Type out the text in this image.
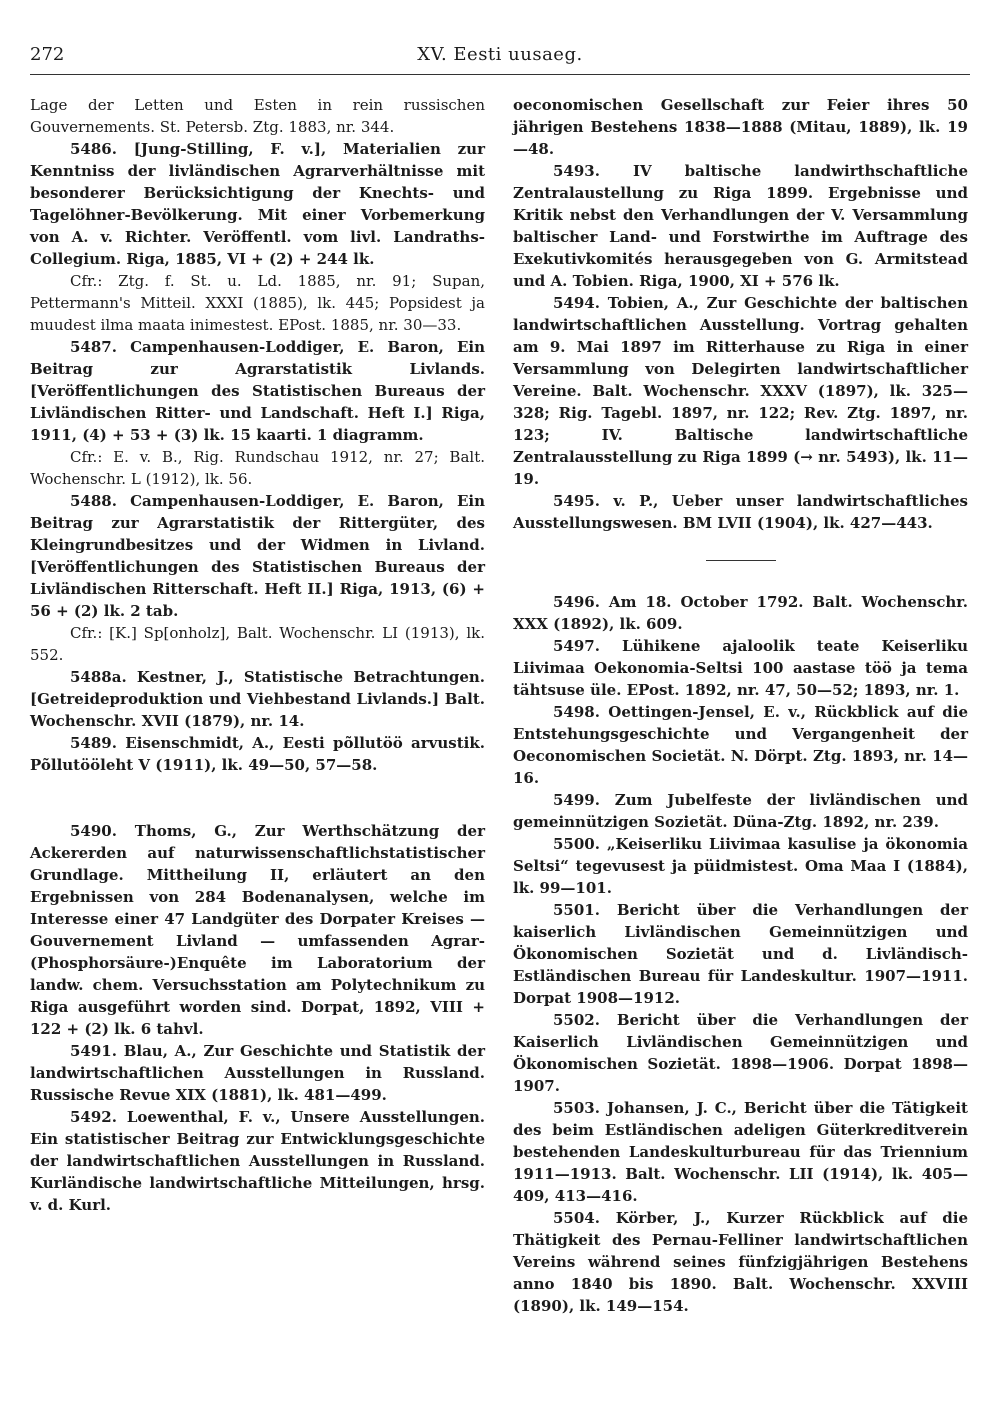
272	XV. Eesti uusaeg.

Lage der Letten und Esten in rein russischen Gouvernements. St. Petersb. Ztg. 1883, nr. 344.

5486. [Jung-Stilling, F. v.], Materialien zur Kenntniss der livländischen Agrarverhältnisse mit besonderer Berücksichtigung der Knechts- und Tagelöhner-Bevölkerung. Mit einer Vorbemerkung von A. v. Richter. Veröffentl. vom livl. Landraths-Collegium. Riga, 1885, VI + (2) + 244 lk.

Cfr.: Ztg. f. St. u. Ld. 1885, nr. 91; Supan, Pettermann's Mitteil. XXXI (1885), lk. 445; Popsidest ja muudest ilma maata inimestest. EPost. 1885, nr. 30—33.

5487. Campenhausen-Loddiger, E. Baron, Ein Beitrag zur Agrarstatistik Livlands. [Veröffentlichungen des Statistischen Bureaus der Livländischen Ritter- und Landschaft. Heft I.] Riga, 1911, (4) + 53 + (3) lk. 15 kaarti. 1 diagramm.

Cfr.: E. v. B., Rig. Rundschau 1912, nr. 27; Balt. Wochenschr. L (1912), lk. 56.

5488. Campenhausen-Loddiger, E. Baron, Ein Beitrag zur Agrarstatistik der Rittergüter, des Kleingrundbesitzes und der Widmen in Livland. [Veröffentlichungen des Statistischen Bureaus der Livländischen Ritterschaft. Heft II.] Riga, 1913, (6) + 56 + (2) lk. 2 tab.

Cfr.: [K.] Sp[onholz], Balt. Wochenschr. LI (1913), lk. 552.

5488a. Kestner, J., Statistische Betrachtungen. [Getreideproduktion und Viehbestand Livlands.] Balt. Wochenschr. XVII (1879), nr. 14.

5489. Eisenschmidt, A., Eesti põllutöö arvustik. Põllutööleht V (1911), lk. 49—50, 57—58.

5490. Thoms, G., Zur Werthschätzung der Ackererden auf naturwissenschaftlichstatistischer Grundlage. Mittheilung II, erläutert an den Ergebnissen von 284 Bodenanalysen, welche im Interesse einer 47 Landgüter des Dorpater Kreises — Gouvernement Livland — umfassenden Agrar-(Phosphorsäure-)Enquête im Laboratorium der landw. chem. Versuchsstation am Polytechnikum zu Riga ausgeführt worden sind. Dorpat, 1892, VIII + 122 + (2) lk. 6 tahvl.

5491. Blau, A., Zur Geschichte und Statistik der landwirtschaftlichen Ausstellungen in Russland. Russische Revue XIX (1881), lk. 481—499.

5492. Loewenthal, F. v., Unsere Ausstellungen. Ein statistischer Beitrag zur Entwicklungsgeschichte der landwirtschaftlichen Ausstellungen in Russland. Kurländische landwirtschaftliche Mitteilungen, hrsg. v. d. Kurl.

oeconomischen Gesellschaft zur Feier ihres 50 jährigen Bestehens 1838—1888 (Mitau, 1889), lk. 19—48.

5493. IV baltische landwirthschaftliche Zentralaustellung zu Riga 1899. Ergebnisse und Kritik nebst den Verhandlungen der V. Versammlung baltischer Land- und Forstwirthe im Auftrage des Exekutivkomités herausgegeben von G. Armitstead und A. Tobien. Riga, 1900, XI + 576 lk.

5494. Tobien, A., Zur Geschichte der baltischen landwirtschaftlichen Ausstellung. Vortrag gehalten am 9. Mai 1897 im Ritterhause zu Riga in einer Versammlung von Delegirten landwirtschaftlicher Vereine. Balt. Wochenschr. XXXV (1897), lk. 325—328; Rig. Tagebl. 1897, nr. 122; Rev. Ztg. 1897, nr. 123; IV. Baltische landwirtschaftliche Zentralausstellung zu Riga 1899 (→ nr. 5493), lk. 11—19.

5495. v. P., Ueber unser landwirtschaftliches Ausstellungswesen. BM LVII (1904), lk. 427—443.

5496. Am 18. October 1792. Balt. Wochenschr. XXX (1892), lk. 609.

5497. Lühikene ajaloolik teate Keiserliku Liivimaa Oekonomia-Seltsi 100 aastase töö ja tema tähtsuse üle. EPost. 1892, nr. 47, 50—52; 1893, nr. 1.

5498. Oettingen-Jensel, E. v., Rückblick auf die Entstehungsgeschichte und Vergangenheit der Oeconomischen Societät. N. Dörpt. Ztg. 1893, nr. 14—16.

5499. Zum Jubelfeste der livländischen und gemeinnützigen Sozietät. Düna-Ztg. 1892, nr. 239.

5500. „Keiserliku Liivimaa kasulise ja ökonomia Seltsi“ tegevusest ja püidmistest. Oma Maa I (1884), lk. 99—101.

5501. Bericht über die Verhandlungen der kaiserlich Livländischen Gemeinnützigen und Ökonomischen Sozietät und d. Livländisch-Estländischen Bureau für Landeskultur. 1907—1911. Dorpat 1908—1912.

5502. Bericht über die Verhandlungen der Kaiserlich Livländischen Gemeinnützigen und Ökonomischen Sozietät. 1898—1906. Dorpat 1898—1907.

5503. Johansen, J. C., Bericht über die Tätigkeit des beim Estländischen adeligen Güterkreditverein bestehenden Landeskulturbureau für das Triennium 1911—1913. Balt. Wochenschr. LII (1914), lk. 405—409, 413—416.

5504. Körber, J., Kurzer Rückblick auf die Thätigkeit des Pernau-Felliner landwirtschaftlichen Vereins während seines fünfzigjährigen Bestehens anno 1840 bis 1890. Balt. Wochenschr. XXVIII (1890), lk. 149—154.
